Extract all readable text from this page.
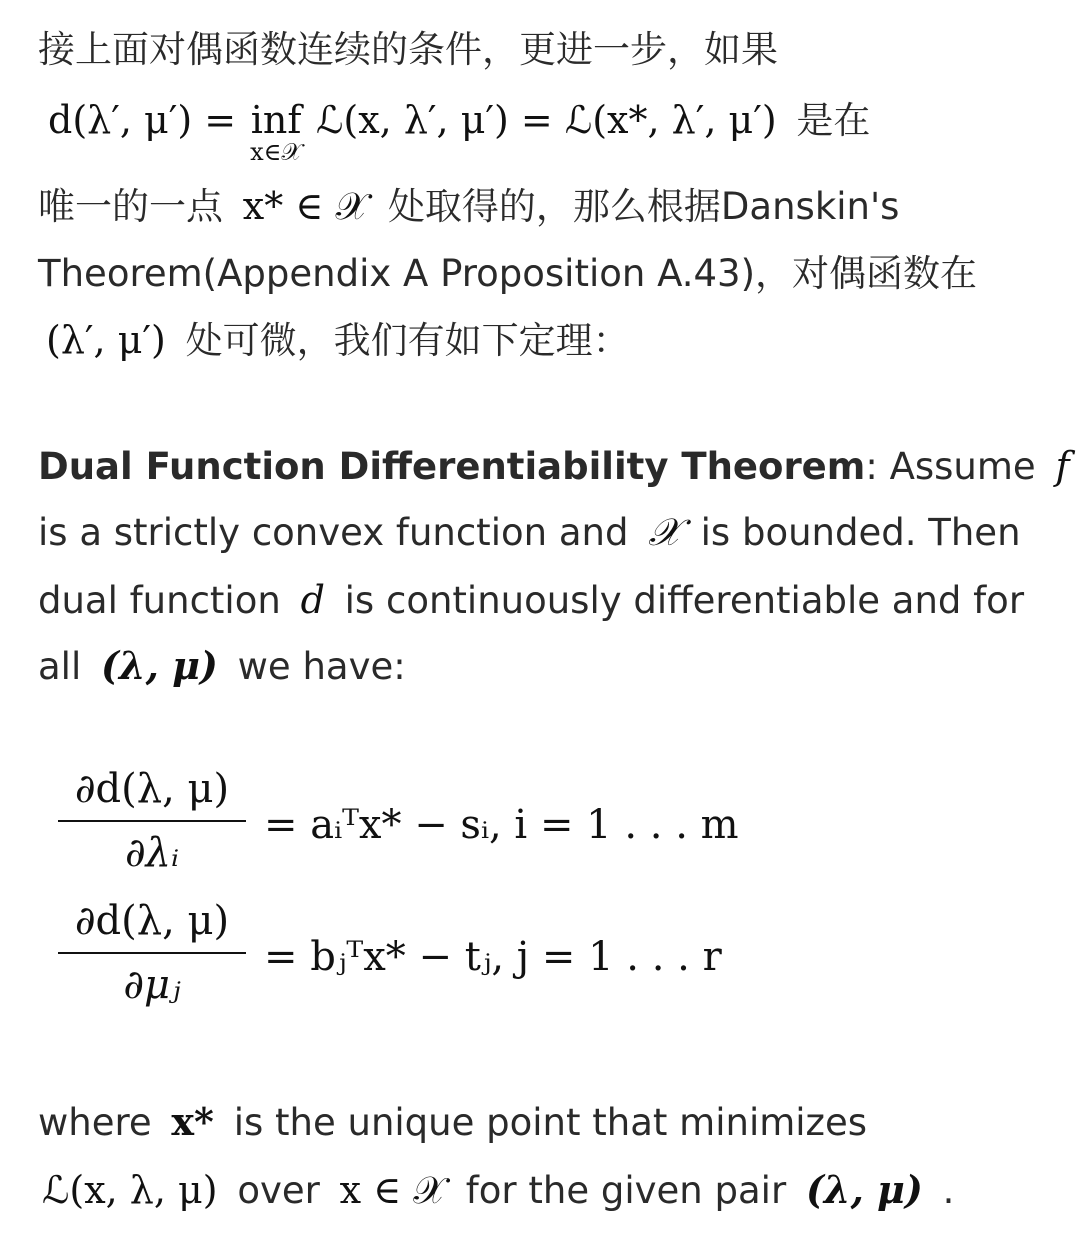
接上面对偶函数连续的条件，更进一步，如果
d(λ′, μ′) = inf
x∈𝒳
ℒ(x, λ′, μ′) = ℒ(x*, λ′, μ′) 是在
唯一的一点 x* ∈ 𝒳 处取得的，那么根据Danskin's
Theorem(Appendix A Proposition A.43)，对偶函数在
(λ′, μ′) 处可微，我们有如下定理：
Dual Function Differentiability Theorem: Assume f
is a strictly convex function and 𝒳 is bounded. Then
dual function d is continuously differentiable and for
all (λ, μ) we have:
∂d(λ, μ)
∂λᵢ
= aᵢᵀx* − sᵢ, i = 1 . . . m
∂d(λ, μ)
∂μⱼ
= bⱼᵀx* − tⱼ, j = 1 . . . r
where x* is the unique point that minimizes
ℒ(x, λ, μ) over x ∈ 𝒳 for the given pair (λ, μ) .
